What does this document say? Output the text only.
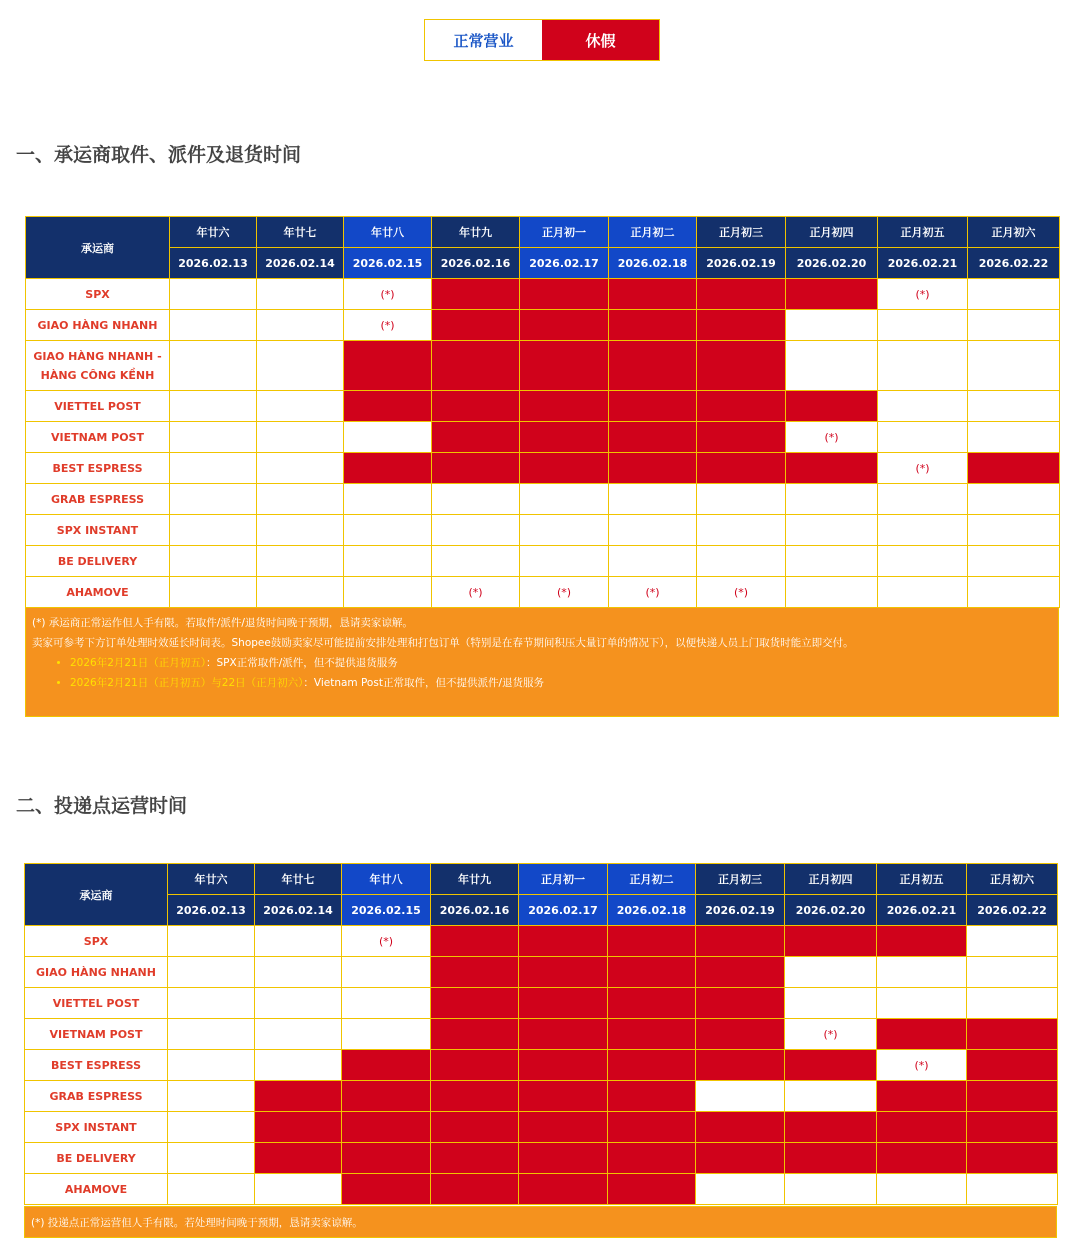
正常营业	休假
一、承运商取件、派件及退货时间
承运商	年廿六	年廿七	年廿八	年廿九	正月初一	正月初二	正月初三	正月初四	正月初五	正月初六
	2026.02.13	2026.02.14	2026.02.15	2026.02.16	2026.02.17	2026.02.18	2026.02.19	2026.02.20	2026.02.21	2026.02.22
SPX			(*)						(*)	
GIAO HÀNG NHANH			(*)							
GIAO HÀNG NHANH - HÀNG CÔNG KỀNH										
VIETTEL POST										
VIETNAM POST								(*)		
BEST ESPRESS									(*)	
GRAB ESPRESS										
SPX INSTANT										
BE DELIVERY										
AHAMOVE				(*)	(*)	(*)	(*)			

(*) 承运商正常运作但人手有限。若取件/派件/退货时间晚于预期，恳请卖家谅解。

卖家可参考下方订单处理时效延长时间表。Shopee鼓励卖家尽可能提前安排处理和打包订单（特别是在春节期间积压大量订单的情况下），以便快递人员上门取货时能立即交付。

• 2026年2月21日（正月初五）：SPX正常取件/派件，但不提供退货服务
• 2026年2月21日（正月初五）与22日（正月初六）：Vietnam Post正常取件，但不提供派件/退货服务
二、投递点运营时间
承运商	年廿六	年廿七	年廿八	年廿九	正月初一	正月初二	正月初三	正月初四	正月初五	正月初六
	2026.02.13	2026.02.14	2026.02.15	2026.02.16	2026.02.17	2026.02.18	2026.02.19	2026.02.20	2026.02.21	2026.02.22
SPX			(*)							
GIAO HÀNG NHANH										
VIETTEL POST										
VIETNAM POST								(*)		
BEST ESPRESS									(*)	
GRAB ESPRESS										
SPX INSTANT										
BE DELIVERY										
AHAMOVE										

(*) 投递点正常运营但人手有限。若处理时间晚于预期，恳请卖家谅解。
